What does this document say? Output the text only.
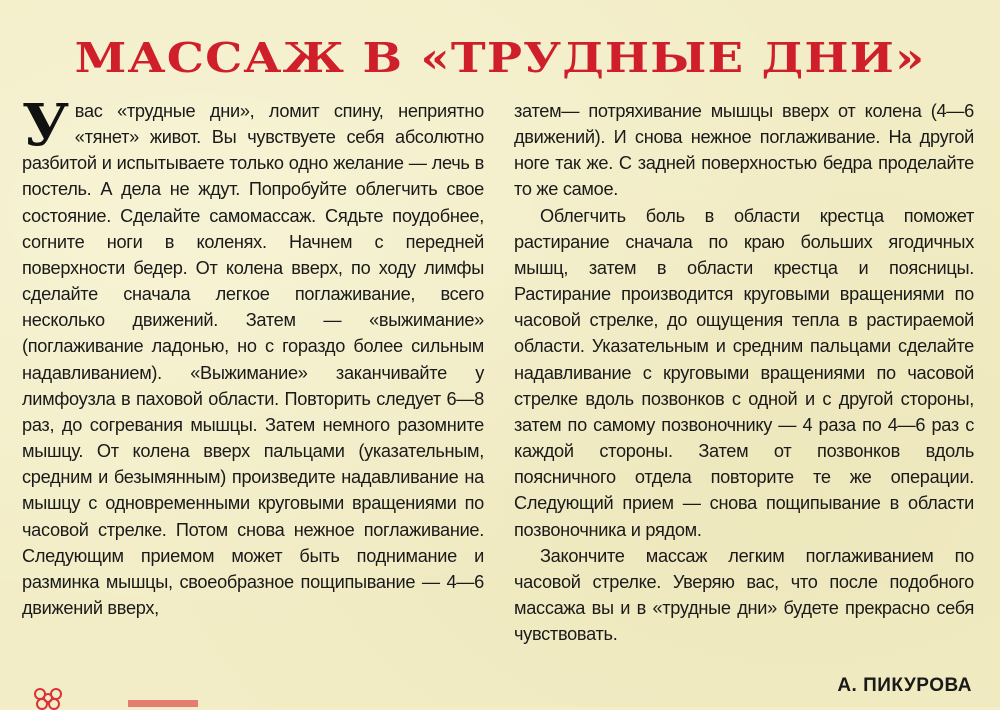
МАССАЖ В «ТРУДНЫЕ ДНИ»
У вас «трудные дни», ломит спину, неприятно «тянет» живот. Вы чувствуете себя абсолютно разбитой и испытываете только одно желание — лечь в постель. А дела не ждут. Попробуйте облегчить свое состояние. Сделайте самомассаж. Сядьте поудобнее, согните ноги в коленях. Начнем с передней поверхности бедер. От колена вверх, по ходу лимфы сделайте сначала легкое поглаживание, всего несколько движений. Затем — «выжимание» (поглаживание ладонью, но с гораздо более сильным надавливанием). «Выжимание» заканчивайте у лимфоузла в паховой области. Повторить следует 6—8 раз, до согревания мышцы. Затем немного разомните мышцу. От колена вверх пальцами (указательным, средним и безымянным) произведите надавливание на мышцу с одновременными круговыми вращениями по часовой стрелке. Потом снова нежное поглаживание. Следующим приемом может быть поднимание и разминка мышцы, своеобразное пощипывание — 4—6 движений вверх,

затем— потряхивание мышцы вверх от колена (4—6 движений). И снова нежное поглаживание. На другой ноге так же. С задней поверхностью бедра проделайте то же самое.

Облегчить боль в области крестца поможет растирание сначала по краю больших ягодичных мышц, затем в области крестца и поясницы. Растирание производится круговыми вращениями по часовой стрелке, до ощущения тепла в растираемой области. Указательным и средним пальцами сделайте надавливание с круговыми вращениями по часовой стрелке вдоль позвонков с одной и с другой стороны, затем по самому позвоночнику — 4 раза по 4—6 раз с каждой стороны. Затем от позвонков вдоль поясничного отдела повторите те же операции. Следующий прием — снова пощипывание в области позвоночника и рядом.

Закончите массаж легким поглаживанием по часовой стрелке. Уверяю вас, что после подобного массажа вы и в «трудные дни» будете прекрасно себя чувствовать.

А. ПИКУРОВА
